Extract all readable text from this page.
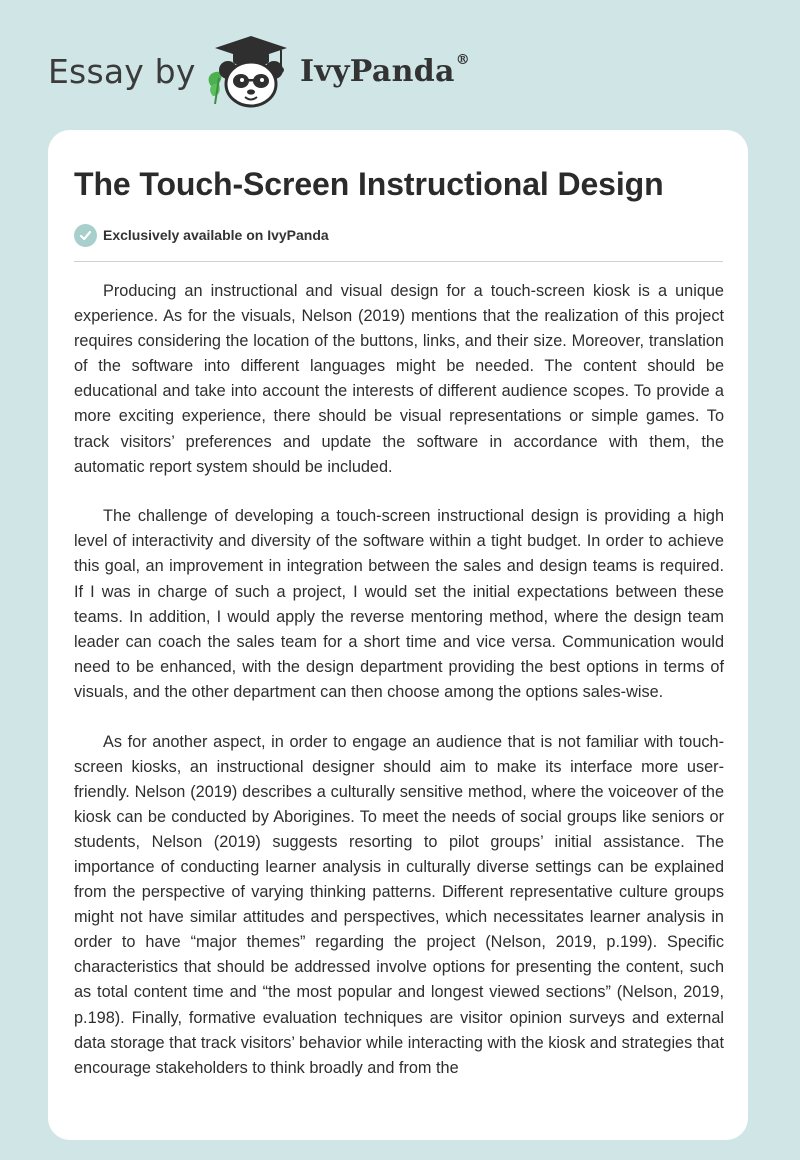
Essay by	IvyPanda®
The Touch-Screen Instructional Design
Exclusively available on IvyPanda

Producing an instructional and visual design for a touch-screen kiosk is a unique experience. As for the visuals, Nelson (2019) mentions that the realization of this project requires considering the location of the buttons, links, and their size. Moreover, translation of the software into different languages might be needed. The content should be educational and take into account the interests of different audience scopes. To provide a more exciting experience, there should be visual representations or simple games. To track visitors’ preferences and update the software in accordance with them, the automatic report system should be included.

The challenge of developing a touch-screen instructional design is providing a high level of interactivity and diversity of the software within a tight budget. In order to achieve this goal, an improvement in integration between the sales and design teams is required. If I was in charge of such a project, I would set the initial expectations between these teams. In addition, I would apply the reverse mentoring method, where the design team leader can coach the sales team for a short time and vice versa. Communication would need to be enhanced, with the design department providing the best options in terms of visuals, and the other department can then choose among the options sales-wise.

As for another aspect, in order to engage an audience that is not familiar with touch-screen kiosks, an instructional designer should aim to make its interface more user-friendly. Nelson (2019) describes a culturally sensitive method, where the voiceover of the kiosk can be conducted by Aborigines. To meet the needs of social groups like seniors or students, Nelson (2019) suggests resorting to pilot groups’ initial assistance. The importance of conducting learner analysis in culturally diverse settings can be explained from the perspective of varying thinking patterns. Different representative culture groups might not have similar attitudes and perspectives, which necessitates learner analysis in order to have “major themes” regarding the project (Nelson, 2019, p.199). Specific characteristics that should be addressed involve options for presenting the content, such as total content time and “the most popular and longest viewed sections” (Nelson, 2019, p.198). Finally, formative evaluation techniques are visitor opinion surveys and external data storage that track visitors’ behavior while interacting with the kiosk and strategies that encourage stakeholders to think broadly and from the
